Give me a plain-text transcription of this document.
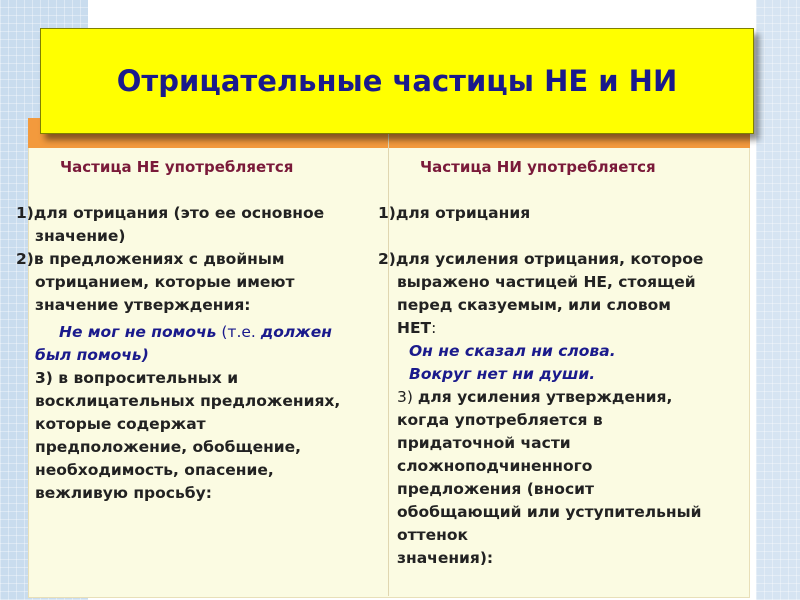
Отрицательные частицы НЕ и НИ
Частица НЕ употребляется

1)для отрицания (это ее основное

значение)

2)в предложениях с двойным

отрицанием, которые имеют

значение утверждения:

Не мог не помочь (т.е. должен

был помочь)

3) в вопросительных и

восклицательных предложениях,

которые содержат

предположение, обобщение,

необходимость, опасение,

вежливую просьбу:

Частица НИ употребляется

1)для отрицания

2)для усиления отрицания, которое

выражено частицей НЕ, стоящей

перед сказуемым, или словом

НЕТ:

Он не сказал ни слова.

Вокруг нет ни души.

3) для усиления утверждения,

когда употребляется в

придаточной части

сложноподчиненного

предложения (вносит

обобщающий или уступительный

оттенок

значения):
